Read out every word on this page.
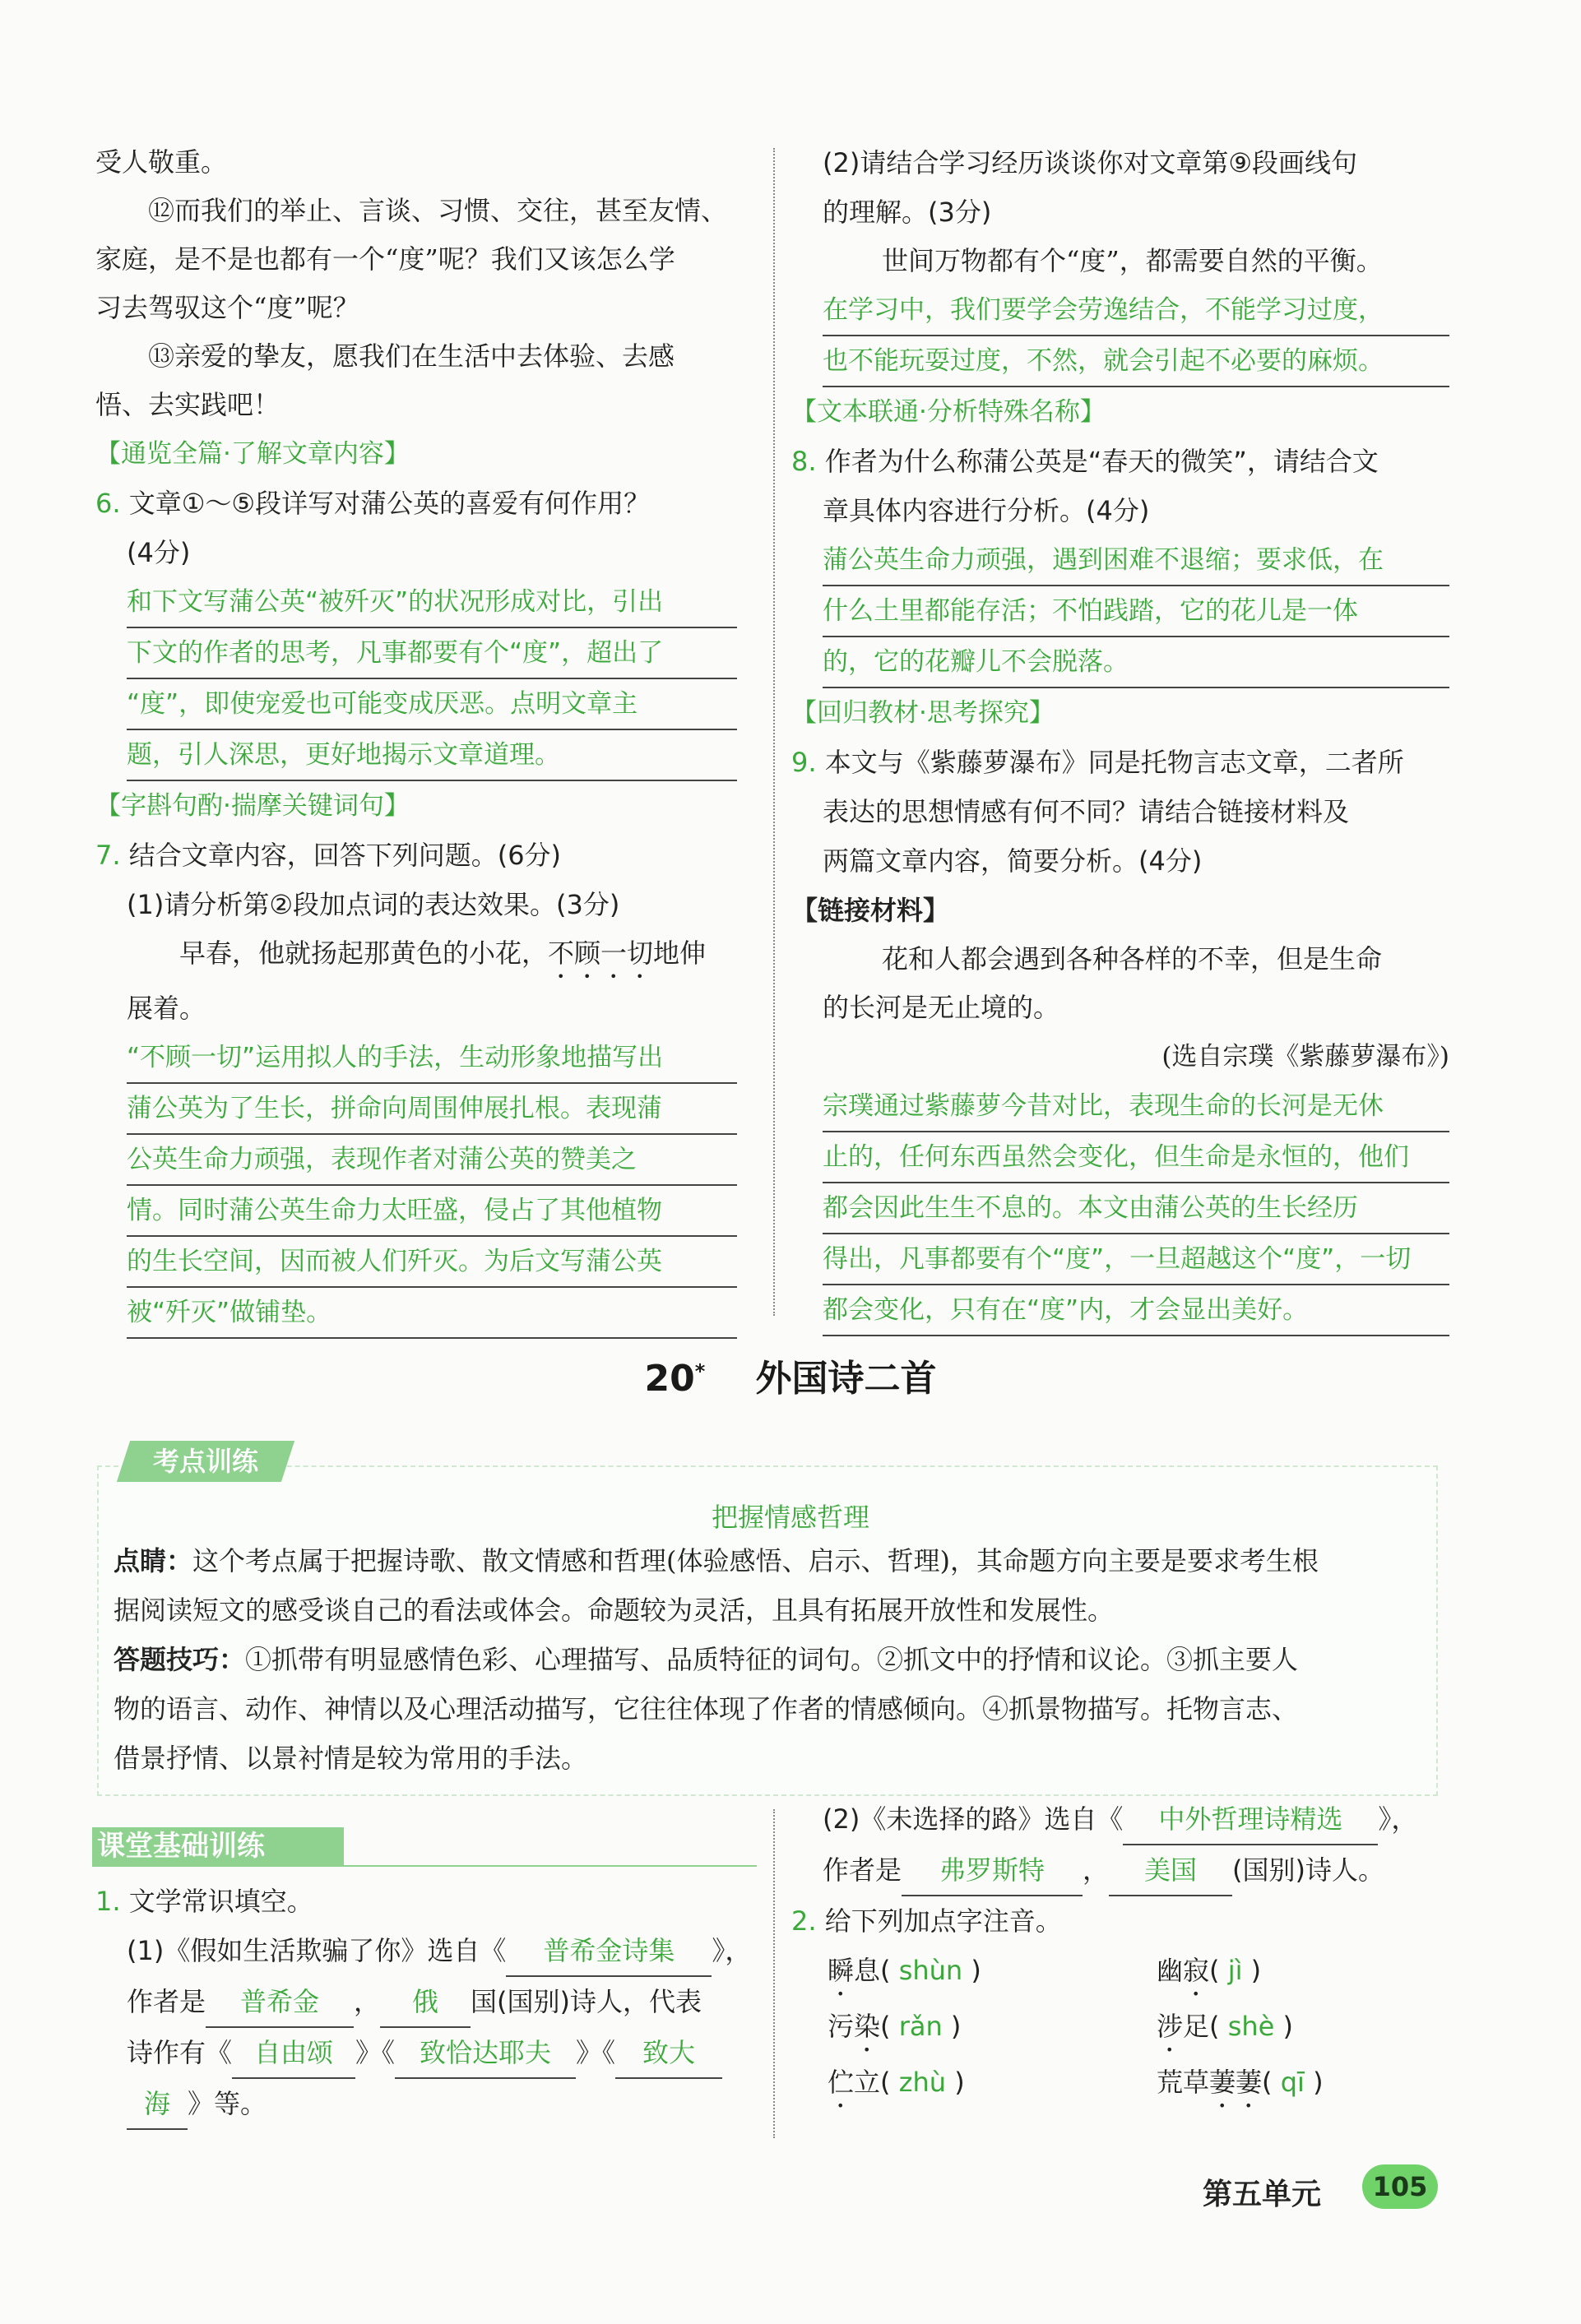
受人敬重。

⑫而我们的举止、言谈、习惯、交往，甚至友情、

家庭，是不是也都有一个“度”呢？我们又该怎么学

习去驾驭这个“度”呢？

⑬亲爱的挚友，愿我们在生活中去体验、去感

悟、去实践吧！

【通览全篇·了解文章内容】

6. 文章①～⑤段详写对蒲公英的喜爱有何作用？

(4分)

和下文写蒲公英“被歼灭”的状况形成对比，引出

下文的作者的思考，凡事都要有个“度”，超出了

“度”，即使宠爱也可能变成厌恶。点明文章主

题，引人深思，更好地揭示文章道理。

【字斟句酌·揣摩关键词句】

7. 结合文章内容，回答下列问题。(6分)

(1)请分析第②段加点词的表达效果。(3分)

早春，他就扬起那黄色的小花，不顾一切地伸

展着。

“不顾一切”运用拟人的手法，生动形象地描写出

蒲公英为了生长，拼命向周围伸展扎根。表现蒲

公英生命力顽强，表现作者对蒲公英的赞美之

情。同时蒲公英生命力太旺盛，侵占了其他植物

的生长空间，因而被人们歼灭。为后文写蒲公英

被“歼灭”做铺垫。

(2)请结合学习经历谈谈你对文章第⑨段画线句

的理解。(3分)

世间万物都有个“度”，都需要自然的平衡。

在学习中，我们要学会劳逸结合，不能学习过度，

也不能玩耍过度，不然，就会引起不必要的麻烦。

【文本联通·分析特殊名称】

8. 作者为什么称蒲公英是“春天的微笑”，请结合文

章具体内容进行分析。(4分)

蒲公英生命力顽强，遇到困难不退缩；要求低，在

什么土里都能存活；不怕践踏，它的花儿是一体

的，它的花瓣儿不会脱落。

【回归教材·思考探究】

9. 本文与《紫藤萝瀑布》同是托物言志文章，二者所

表达的思想情感有何不同？请结合链接材料及

两篇文章内容，简要分析。(4分)

【链接材料】

花和人都会遇到各种各样的不幸，但是生命

的长河是无止境的。

(选自宗璞《紫藤萝瀑布》)

宗璞通过紫藤萝今昔对比，表现生命的长河是无休

止的，任何东西虽然会变化，但生命是永恒的，他们

都会因此生生不息的。本文由蒲公英的生长经历

得出，凡事都要有个“度”，一旦超越这个“度”，一切

都会变化，只有在“度”内，才会显出美好。

20* 外国诗二首
考点训练
把握情感哲理

点睛：这个考点属于把握诗歌、散文情感和哲理(体验感悟、启示、哲理)，其命题方向主要是要求考生根

据阅读短文的感受谈自己的看法或体会。命题较为灵活，且具有拓展开放性和发展性。

答题技巧：①抓带有明显感情色彩、心理描写、品质特征的词句。②抓文中的抒情和议论。③抓主要人

物的语言、动作、神情以及心理活动描写，它往往体现了作者的情感倾向。④抓景物描写。托物言志、

借景抒情、以景衬情是较为常用的手法。

课堂基础训练

1. 文学常识填空。

(1)《假如生活欺骗了你》选自《 普希金诗集 》，

作者是 普希金 ， 俄 国(国别)诗人，代表

诗作有《 自由颂 》《 致恰达耶夫 》《 致大

海 》等。

(2)《未选择的路》选自《 中外哲理诗精选 》，

作者是 弗罗斯特 ， 美国 (国别)诗人。

2. 给下列加点字注音。

瞬息( shùn )	幽寂( jì )

污染( rǎn )	涉足( shè )

伫立( zhù )	荒草萋萋( qī )

第五单元	105
